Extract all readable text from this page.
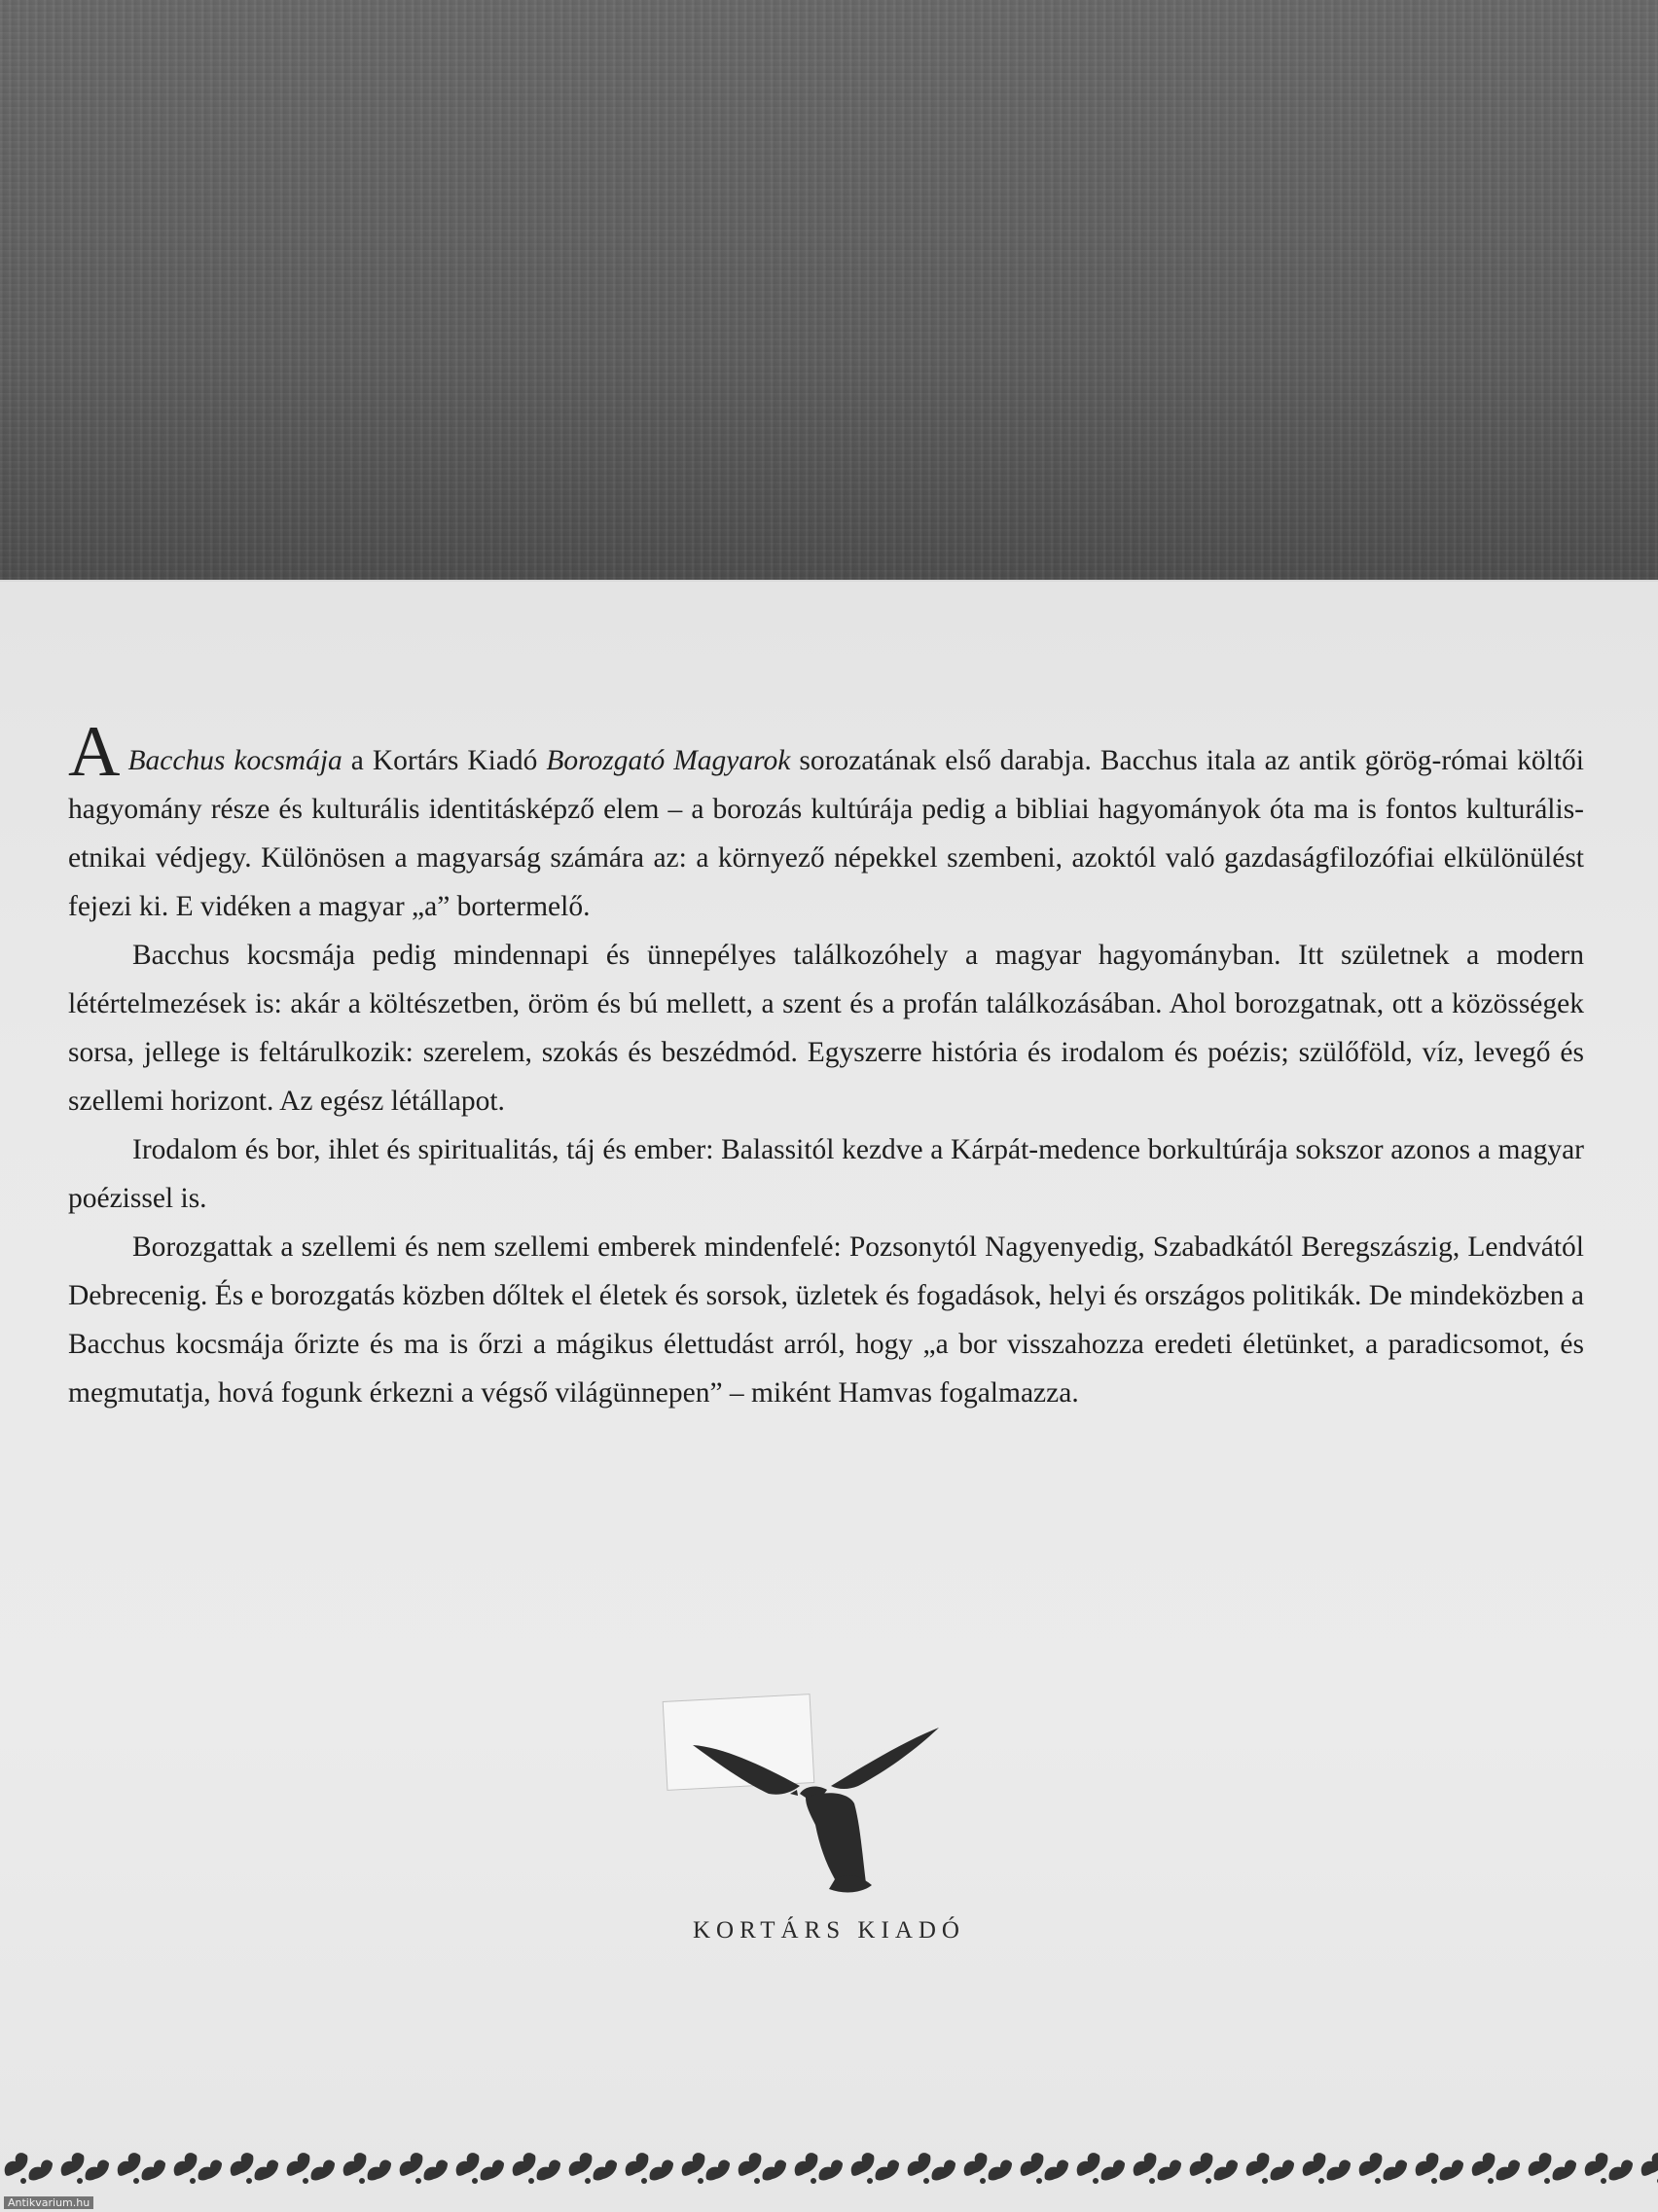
A Bacchus kocsmája a Kortárs Kiadó Borozgató Magyarok sorozatának első darabja. Bacchus itala az antik görög-római költői hagyomány része és kulturális identitásképző elem – a borozás kultúrája pedig a bibliai hagyományok óta ma is fontos kulturális-etnikai védjegy. Különösen a magyarság számára az: a környező népekkel szembeni, azoktól való gazdaságfilozófiai elkülönülést fejezi ki. E vidéken a magyar „a” bortermelő.

Bacchus kocsmája pedig mindennapi és ünnepélyes találkozóhely a magyar hagyományban. Itt születnek a modern létértelmezések is: akár a költészetben, öröm és bú mellett, a szent és a profán találkozásában. Ahol borozgatnak, ott a közösségek sorsa, jellege is feltárulkozik: szerelem, szokás és beszédmód. Egyszerre história és irodalom és poézis; szülőföld, víz, levegő és szellemi horizont. Az egész létállapot.

Irodalom és bor, ihlet és spiritualitás, táj és ember: Balassitól kezdve a Kárpát-medence borkultúrája sokszor azonos a magyar poézissel is.

Borozgattak a szellemi és nem szellemi emberek mindenfelé: Pozsonytól Nagyenyedig, Szabadkától Beregszászig, Lendvától Debrecenig. És e borozgatás közben dőltek el életek és sorsok, üzletek és fogadások, helyi és országos politikák. De mindeközben a Bacchus kocsmája őrizte és ma is őrzi a mágikus élettudást arról, hogy „a bor visszahozza eredeti életünket, a paradicsomot, és megmutatja, hová fogunk érkezni a végső világünnepen” – miként Hamvas fogalmazza.

KORTÁRS KIADÓ
Antikvarium.hu
